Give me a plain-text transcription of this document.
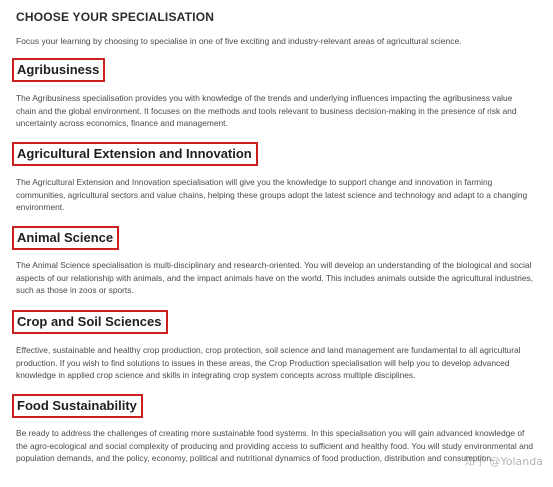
CHOOSE YOUR SPECIALISATION
Focus your learning by choosing to specialise in one of five exciting and industry-relevant areas of agricultural science.
Agribusiness
The Agribusiness specialisation provides you with knowledge of the trends and underlying influences impacting the agribusiness value chain and the global environment. It focuses on the methods and tools relevant to business decision-making in the presence of risk and uncertainty across economics, finance and management.
Agricultural Extension and Innovation
The Agricultural Extension and Innovation specialisation will give you the knowledge to support change and innovation in farming communities, agricultural sectors and value chains, helping these groups adopt the latest science and technology and adapt to a changing environment.
Animal Science
The Animal Science specialisation is multi-disciplinary and research-oriented. You will develop an understanding of the biological and social aspects of our relationship with animals, and the impact animals have on the world. This includes animals outside the agricultural industries, such as those in zoos or sports.
Crop and Soil Sciences
Effective, sustainable and healthy crop production, crop protection, soil science and land management are fundamental to all agricultural production. If you wish to find solutions to issues in these areas, the Crop Production specialisation will help you to develop advanced knowledge in applied crop science and skills in integrating crop system concepts across multiple disciplines.
Food Sustainability
Be ready to address the challenges of creating more sustainable food systems. In this specialisation you will gain advanced knowledge of the agro-ecological and social complexity of producing and providing access to sufficient and healthy food. You will study environmental and population demands, and the policy, economy, political and nutritional dynamics of food production, distribution and consumption.
知乎 @Yolanda
